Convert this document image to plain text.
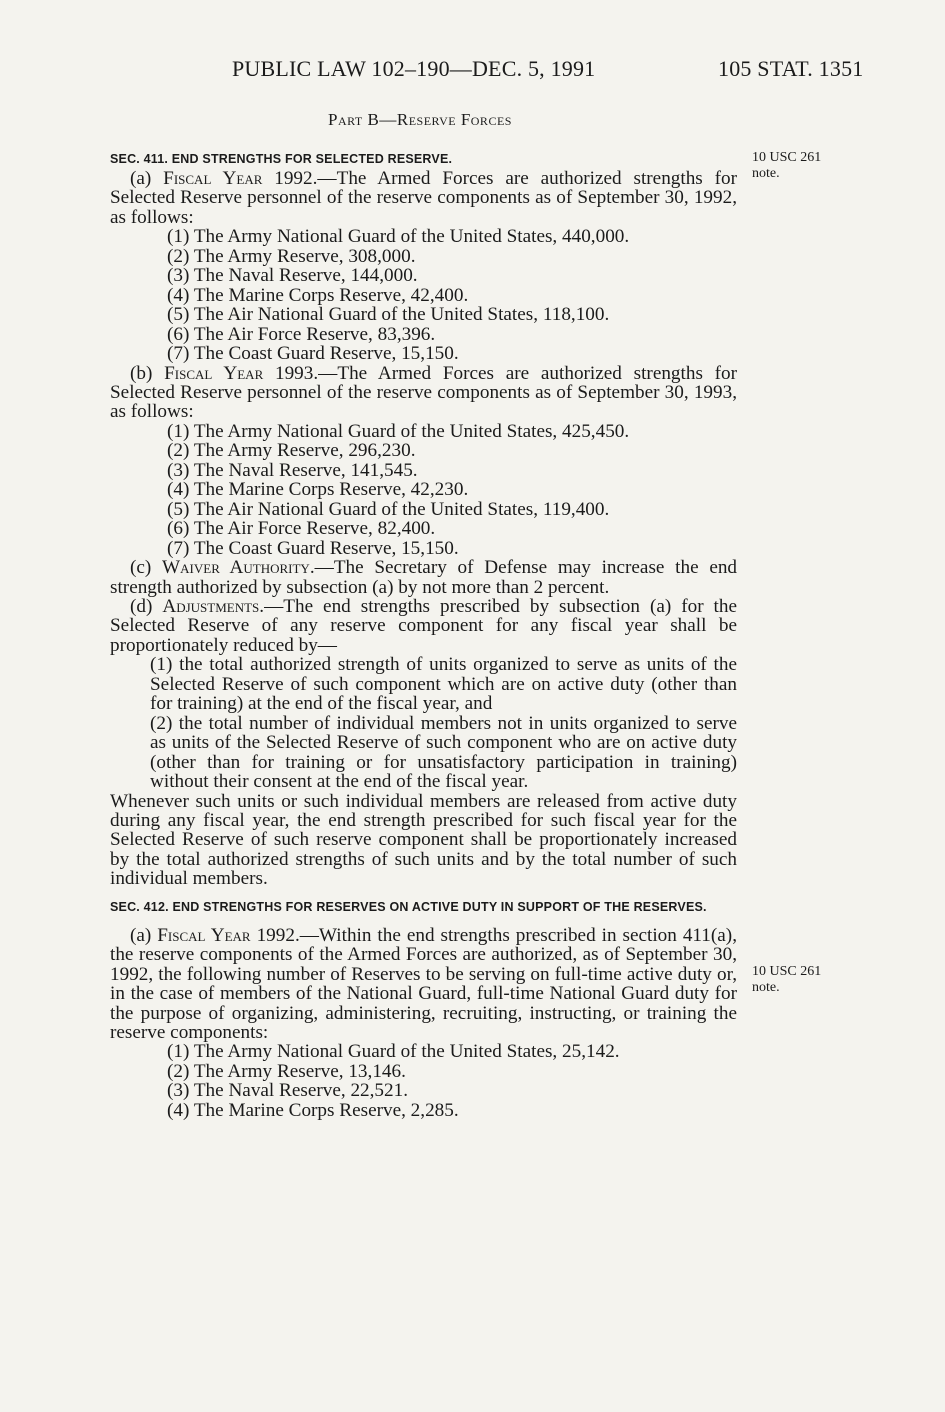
PUBLIC LAW 102–190—DEC. 5, 1991	105 STAT. 1351
Part B—Reserve Forces
10 USC 261
note.
10 USC 261
note.
SEC. 411. END STRENGTHS FOR SELECTED RESERVE.
(a) Fiscal Year 1992.—The Armed Forces are authorized strengths for Selected Reserve personnel of the reserve components as of September 30, 1992, as follows:
(1) The Army National Guard of the United States, 440,000.
(2) The Army Reserve, 308,000.
(3) The Naval Reserve, 144,000.
(4) The Marine Corps Reserve, 42,400.
(5) The Air National Guard of the United States, 118,100.
(6) The Air Force Reserve, 83,396.
(7) The Coast Guard Reserve, 15,150.
(b) Fiscal Year 1993.—The Armed Forces are authorized strengths for Selected Reserve personnel of the reserve components as of September 30, 1993, as follows:
(1) The Army National Guard of the United States, 425,450.
(2) The Army Reserve, 296,230.
(3) The Naval Reserve, 141,545.
(4) The Marine Corps Reserve, 42,230.
(5) The Air National Guard of the United States, 119,400.
(6) The Air Force Reserve, 82,400.
(7) The Coast Guard Reserve, 15,150.
(c) Waiver Authority.—The Secretary of Defense may increase the end strength authorized by subsection (a) by not more than 2 percent.
(d) Adjustments.—The end strengths prescribed by subsection (a) for the Selected Reserve of any reserve component for any fiscal year shall be proportionately reduced by—
(1) the total authorized strength of units organized to serve as units of the Selected Reserve of such component which are on active duty (other than for training) at the end of the fiscal year, and
(2) the total number of individual members not in units organized to serve as units of the Selected Reserve of such component who are on active duty (other than for training or for unsatisfactory participation in training) without their consent at the end of the fiscal year.
Whenever such units or such individual members are released from active duty during any fiscal year, the end strength prescribed for such fiscal year for the Selected Reserve of such reserve component shall be proportionately increased by the total authorized strengths of such units and by the total number of such individual members.
SEC. 412. END STRENGTHS FOR RESERVES ON ACTIVE DUTY IN SUPPORT OF THE RESERVES.
(a) Fiscal Year 1992.—Within the end strengths prescribed in section 411(a), the reserve components of the Armed Forces are authorized, as of September 30, 1992, the following number of Reserves to be serving on full-time active duty or, in the case of members of the National Guard, full-time National Guard duty for the purpose of organizing, administering, recruiting, instructing, or training the reserve components:
(1) The Army National Guard of the United States, 25,142.
(2) The Army Reserve, 13,146.
(3) The Naval Reserve, 22,521.
(4) The Marine Corps Reserve, 2,285.
